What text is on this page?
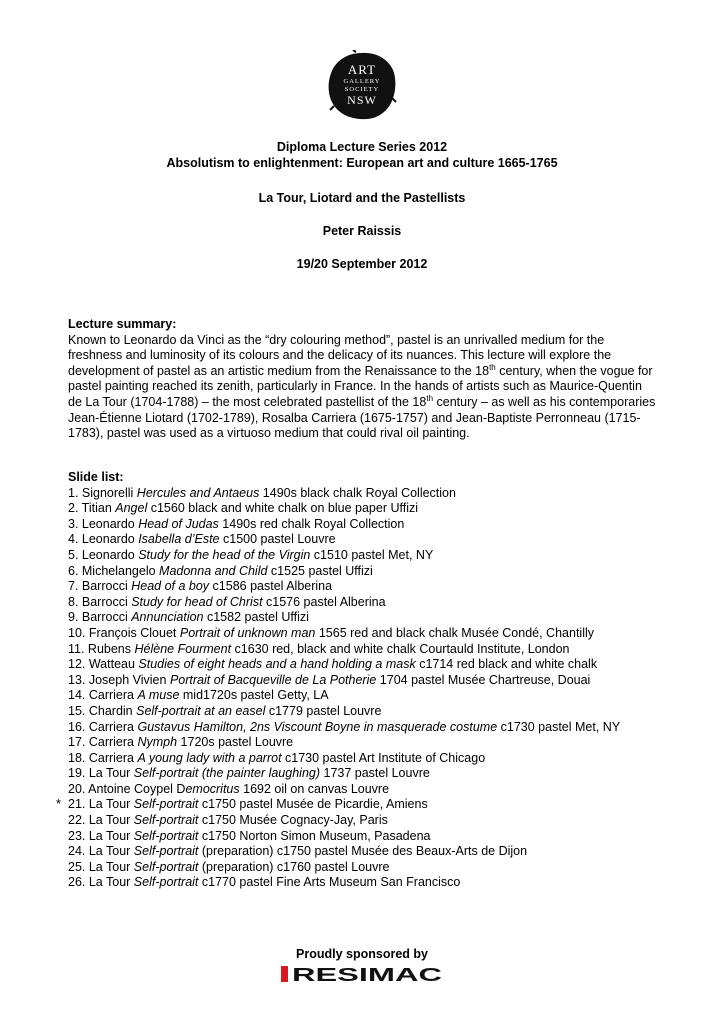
ART
GALLERY
SOCIETY
NSW
Diploma Lecture Series 2012
Absolutism to enlightenment: European art and culture 1665-1765
La Tour, Liotard and the Pastellists
Peter Raissis
19/20 September 2012
Lecture summary:
Known to Leonardo da Vinci as the “dry colouring method”, pastel is an unrivalled medium for the freshness and luminosity of its colours and the delicacy of its nuances. This lecture will explore the development of pastel as an artistic medium from the Renaissance to the 18th century, when the vogue for pastel painting reached its zenith, particularly in France. In the hands of artists such as Maurice-Quentin de La Tour (1704-1788) – the most celebrated pastellist of the 18th century – as well as his contemporaries Jean-Étienne Liotard (1702-1789), Rosalba Carriera (1675-1757) and Jean-Baptiste Perronneau (1715-1783), pastel was used as a virtuoso medium that could rival oil painting.
Slide list:
1. Signorelli Hercules and Antaeus 1490s black chalk Royal Collection
2. Titian Angel c1560 black and white chalk on blue paper Uffizi
3. Leonardo Head of Judas 1490s red chalk Royal Collection
4. Leonardo Isabella d’Este c1500 pastel Louvre
5. Leonardo Study for the head of the Virgin c1510 pastel Met, NY
6. Michelangelo Madonna and Child c1525 pastel Uffizi
7. Barrocci Head of a boy c1586 pastel Alberina
8. Barrocci Study for head of Christ c1576 pastel Alberina
9. Barrocci Annunciation c1582 pastel Uffizi
10. François Clouet Portrait of unknown man 1565 red and black chalk Musée Condé, Chantilly
11. Rubens Hélène Fourment c1630 red, black and white chalk Courtauld Institute, London
12. Watteau Studies of eight heads and a hand holding a mask c1714 red black and white chalk
13. Joseph Vivien Portrait of Bacqueville de La Potherie 1704 pastel Musée Chartreuse, Douai
14. Carriera A muse mid1720s pastel Getty, LA
15. Chardin Self-portrait at an easel c1779 pastel Louvre
16. Carriera Gustavus Hamilton, 2ns Viscount Boyne in masquerade costume c1730 pastel Met, NY
17. Carriera Nymph 1720s pastel Louvre
18. Carriera A young lady with a parrot c1730 pastel Art Institute of Chicago
19. La Tour Self-portrait (the painter laughing) 1737 pastel Louvre
20. Antoine Coypel Democritus 1692 oil on canvas Louvre
* 21. La Tour Self-portrait c1750 pastel Musée de Picardie, Amiens
22. La Tour Self-portrait c1750 Musée Cognacy-Jay, Paris
23. La Tour Self-portrait c1750 Norton Simon Museum, Pasadena
24. La Tour Self-portrait (preparation) c1750 pastel Musée des Beaux-Arts de Dijon
25. La Tour Self-portrait (preparation) c1760 pastel Louvre
26. La Tour Self-portrait c1770 pastel Fine Arts Museum San Francisco
Proudly sponsored by
RESIMAC
